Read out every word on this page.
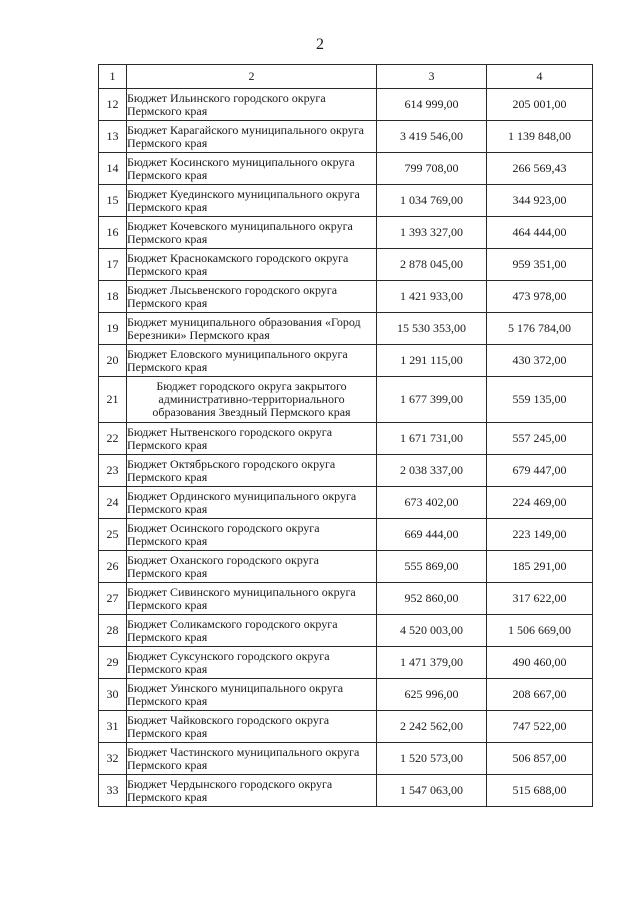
2
1	2	3	4
12	Бюджет Ильинского городского округа Пермского края	614 999,00	205 001,00
13	Бюджет Карагайского муниципального округа Пермского края	3 419 546,00	1 139 848,00
14	Бюджет Косинского муниципального округа Пермского края	799 708,00	266 569,43
15	Бюджет Куединского муниципального округа Пермского края	1 034 769,00	344 923,00
16	Бюджет Кочевского муниципального округа Пермского края	1 393 327,00	464 444,00
17	Бюджет Краснокамского городского округа Пермского края	2 878 045,00	959 351,00
18	Бюджет Лысьвенского городского округа Пермского края	1 421 933,00	473 978,00
19	Бюджет муниципального образования «Город Березники» Пермского края	15 530 353,00	5 176 784,00
20	Бюджет Еловского муниципального округа Пермского края	1 291 115,00	430 372,00
21	Бюджет городского округа закрытого административно-территориального образования Звездный Пермского края	1 677 399,00	559 135,00
22	Бюджет Нытвенского городского округа Пермского края	1 671 731,00	557 245,00
23	Бюджет Октябрьского городского округа Пермского края	2 038 337,00	679 447,00
24	Бюджет Ординского муниципального округа Пермского края	673 402,00	224 469,00
25	Бюджет Осинского городского округа Пермского края	669 444,00	223 149,00
26	Бюджет Оханского городского округа Пермского края	555 869,00	185 291,00
27	Бюджет Сивинского муниципального округа Пермского края	952 860,00	317 622,00
28	Бюджет Соликамского городского округа Пермского края	4 520 003,00	1 506 669,00
29	Бюджет Суксунского городского округа Пермского края	1 471 379,00	490 460,00
30	Бюджет Уинского муниципального округа Пермского края	625 996,00	208 667,00
31	Бюджет Чайковского городского округа Пермского края	2 242 562,00	747 522,00
32	Бюджет Частинского муниципального округа Пермского края	1 520 573,00	506 857,00
33	Бюджет Чердынского городского округа Пермского края	1 547 063,00	515 688,00
